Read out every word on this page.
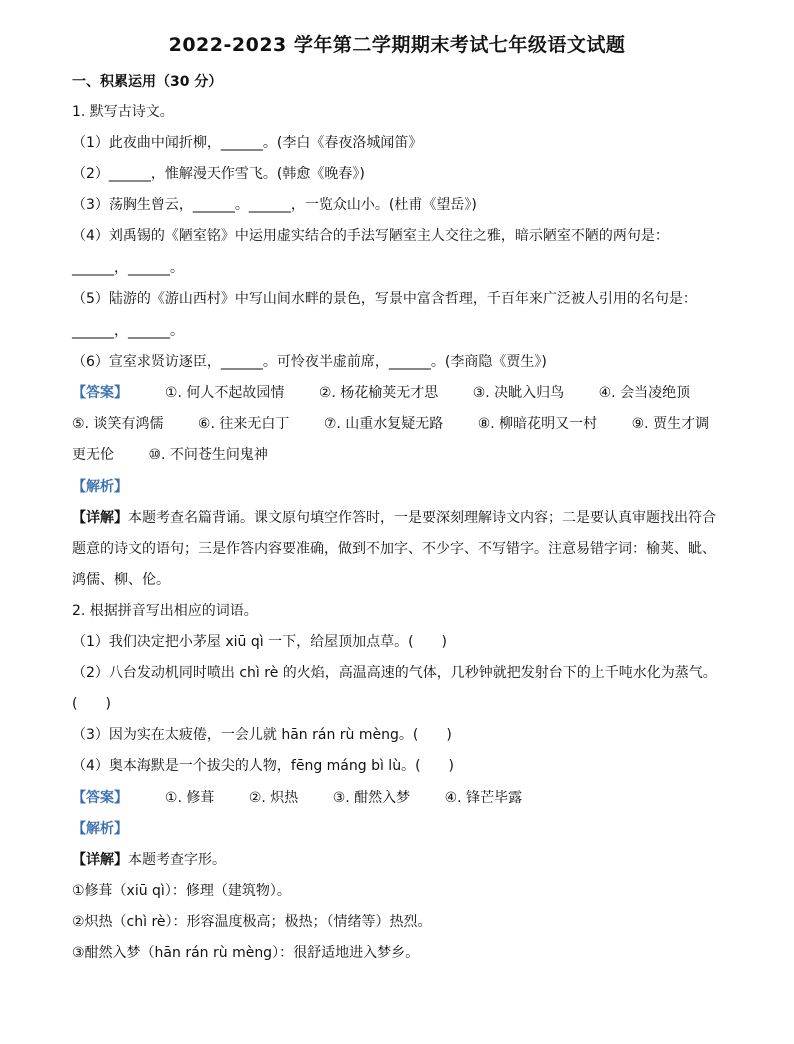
2022-2023 学年第二学期期末考试七年级语文试题
一、积累运用（30 分）
1. 默写古诗文。
（1）此夜曲中闻折柳，______。(李白《春夜洛城闻笛》
（2）______，惟解漫天作雪飞。(韩愈《晚春》)
（3）荡胸生曾云，______。______，一览众山小。(杜甫《望岳》)
（4）刘禹锡的《陋室铭》中运用虚实结合的手法写陋室主人交往之雅，暗示陋室不陋的两句是：
______，______。
（5）陆游的《游山西村》中写山间水畔的景色，写景中富含哲理，千百年来广泛被人引用的名句是：
______，______。
（6）宣室求贤访逐臣，______。可怜夜半虚前席，______。(李商隐《贾生》)
【答案】	①. 何人不起故园情 ②. 杨花榆荚无才思 ③. 决眦入归鸟 ④. 会当凌绝顶
⑤. 谈笑有鸿儒 ⑥. 往来无白丁 ⑦. 山重水复疑无路 ⑧. 柳暗花明又一村 ⑨. 贾生才调
更无伦 ⑩. 不问苍生问鬼神
【解析】
【详解】本题考查名篇背诵。课文原句填空作答时，一是要深刻理解诗文内容；二是要认真审题找出符合
题意的诗文的语句；三是作答内容要准确，做到不加字、不少字、不写错字。注意易错字词：榆荚、眦、
鸿儒、柳、伦。
2. 根据拼音写出相应的词语。
（1）我们决定把小茅屋 xiū qì 一下，给屋顶加点草。(　　)
（2）八台发动机同时喷出 chì rè 的火焰，高温高速的气体，几秒钟就把发射台下的上千吨水化为蒸气。
(　　)
（3）因为实在太疲倦，一会儿就 hān rán rù mèng。(　　)
（4）奥本海默是一个拔尖的人物，fēng máng bì lù。(　　)
【答案】	①. 修葺 ②. 炽热 ③. 酣然入梦 ④. 锋芒毕露
【解析】
【详解】本题考查字形。
①修葺（xiū qì）：修理（建筑物）。
②炽热（chì rè）：形容温度极高；极热；（情绪等）热烈。
③酣然入梦（hān rán rù mèng）：很舒适地进入梦乡。
